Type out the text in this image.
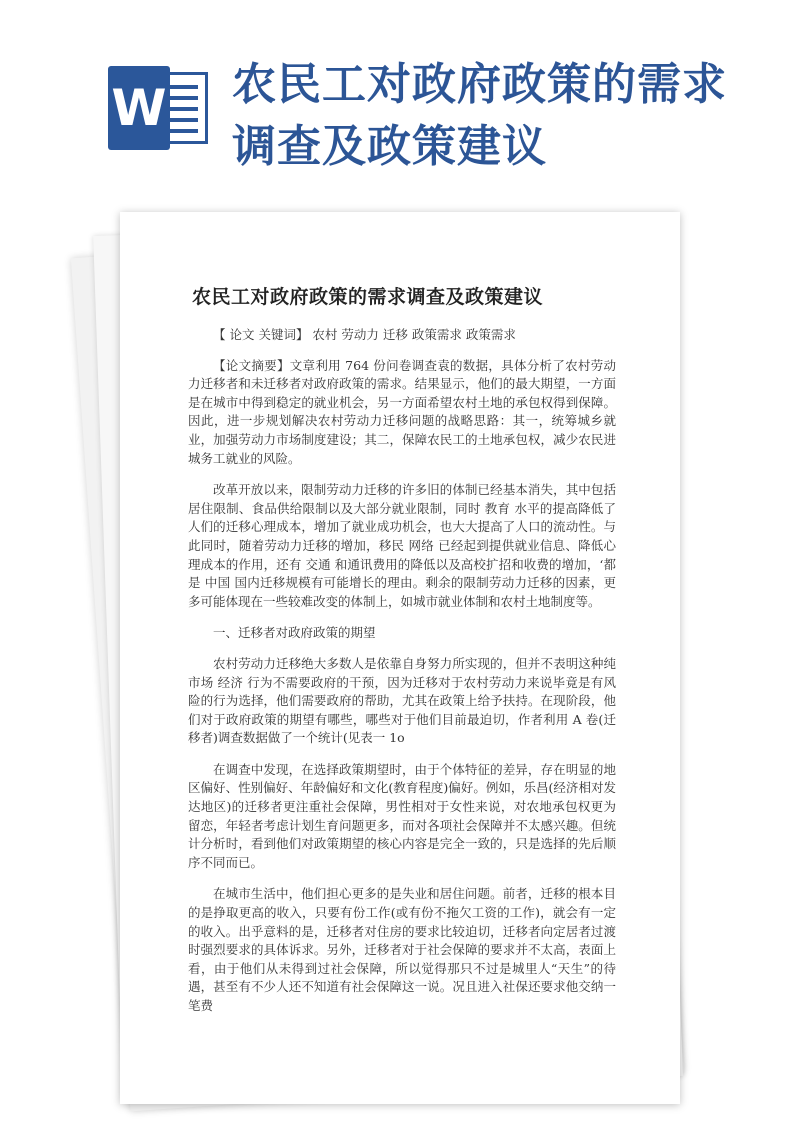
W 农民工对政府政策的需求调查及政策建议
农民工对政府政策的需求调查及政策建议

【 论文 关键词】 农村 劳动力 迁移 政策需求 政策需求

【论文摘要】文章利用 764 份问卷调查袁的数据，具体分析了农村劳动力迁移者和未迁移者对政府政策的需求。结果显示，他们的最大期望，一方面是在城市中得到稳定的就业机会，另一方面希望农村土地的承包权得到保障。因此，进一步规划解决农村劳动力迁移问题的战略思路：其一，统筹城乡就业，加强劳动力市场制度建设；其二，保障农民工的土地承包权，减少农民进城务工就业的风险。

改革开放以来，限制劳动力迁移的许多旧的体制已经基本消失，其中包括居住限制、食品供给限制以及大部分就业限制，同时 教育 水平的提高降低了人们的迁移心理成本，增加了就业成功机会，也大大提高了人口的流动性。与此同时，随着劳动力迁移的增加，移民 网络 已经起到提供就业信息、降低心理成本的作用，还有 交通 和通讯费用的降低以及高校扩招和收费的增加，‘都是 中国 国内迁移规模有可能增长的理由。剩余的限制劳动力迁移的因素，更多可能体现在一些较难改变的体制上，如城市就业体制和农村土地制度等。

一、迁移者对政府政策的期望

农村劳动力迁移绝大多数人是依靠自身努力所实现的，但并不表明这种纯市场 经济 行为不需要政府的干预，因为迁移对于农村劳动力来说毕竟是有风险的行为选择，他们需要政府的帮助，尤其在政策上给予扶持。在现阶段，他们对于政府政策的期望有哪些，哪些对于他们目前最迫切，作者利用 A 卷(迁移者)调查数据做了一个统计(见表一 1o

在调查中发现，在选择政策期望时，由于个体特征的差异，存在明显的地区偏好、性别偏好、年龄偏好和文化(教育程度)偏好。例如，乐昌(经济相对发达地区)的迁移者更注重社会保障，男性相对于女性来说，对农地承包权更为留恋，年轻者考虑计划生育问题更多，而对各项社会保障并不太感兴趣。但统计分析时，看到他们对政策期望的核心内容是完全一致的，只是选择的先后顺序不同而已。

在城市生活中，他们担心更多的是失业和居住问题。前者，迁移的根本目的是挣取更高的收入，只要有份工作(或有份不拖欠工资的工作)，就会有一定的收入。出乎意料的是，迁移者对住房的要求比较迫切，迁移者向定居者过渡时强烈要求的具体诉求。另外，迁移者对于社会保障的要求并不太高，表面上看，由于他们从未得到过社会保障，所以觉得那只不过是城里人“天生”的待遇，甚至有不少人还不知道有社会保障这一说。况且进入社保还要求他交纳一笔费
